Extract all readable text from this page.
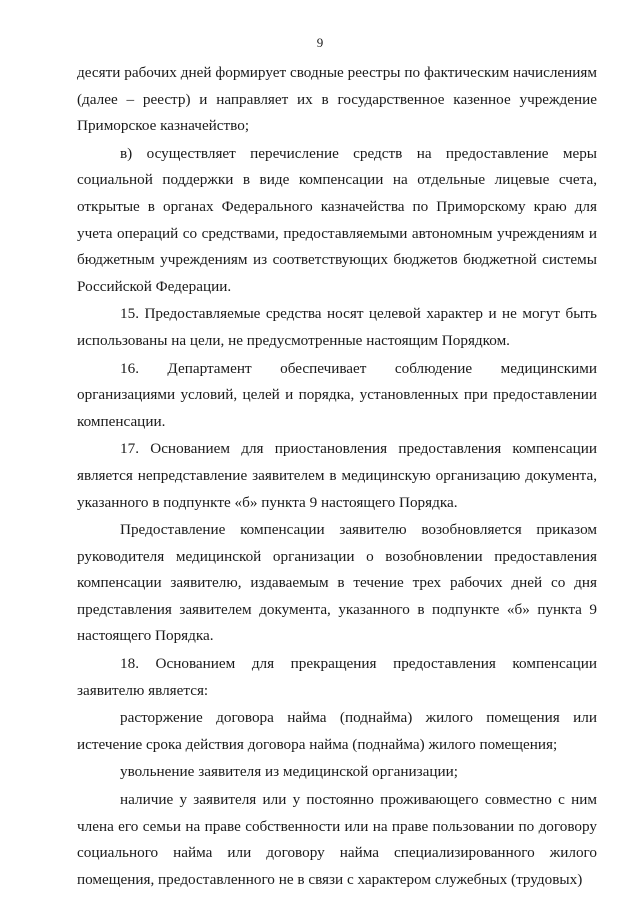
9

десяти рабочих дней формирует сводные реестры по фактическим начислениям (далее – реестр) и направляет их в государственное казенное учреждение Приморское казначейство;

в) осуществляет перечисление средств на предоставление меры социальной поддержки в виде компенсации на отдельные лицевые счета, открытые в органах Федерального казначейства по Приморскому краю для учета операций со средствами, предоставляемыми автономным учреждениям и бюджетным учреждениям из соответствующих бюджетов бюджетной системы Российской Федерации.

15. Предоставляемые средства носят целевой характер и не могут быть использованы на цели, не предусмотренные настоящим Порядком.

16. Департамент обеспечивает соблюдение медицинскими организациями условий, целей и порядка, установленных при предоставлении компенсации.

17. Основанием для приостановления предоставления компенсации является непредставление заявителем в медицинскую организацию документа, указанного в подпункте «б» пункта 9 настоящего Порядка.

Предоставление компенсации заявителю возобновляется приказом руководителя медицинской организации о возобновлении предоставления компенсации заявителю, издаваемым в течение трех рабочих дней со дня представления заявителем документа, указанного в подпункте «б» пункта 9 настоящего Порядка.

18. Основанием для прекращения предоставления компенсации заявителю является:

расторжение договора найма (поднайма) жилого помещения или истечение срока действия договора найма (поднайма) жилого помещения;

увольнение заявителя из медицинской организации;

наличие у заявителя или у постоянно проживающего совместно с ним члена его семьи на праве собственности или на праве пользовании по договору социального найма или договору найма специализированного жилого помещения, предоставленного не в связи с характером служебных (трудовых)
